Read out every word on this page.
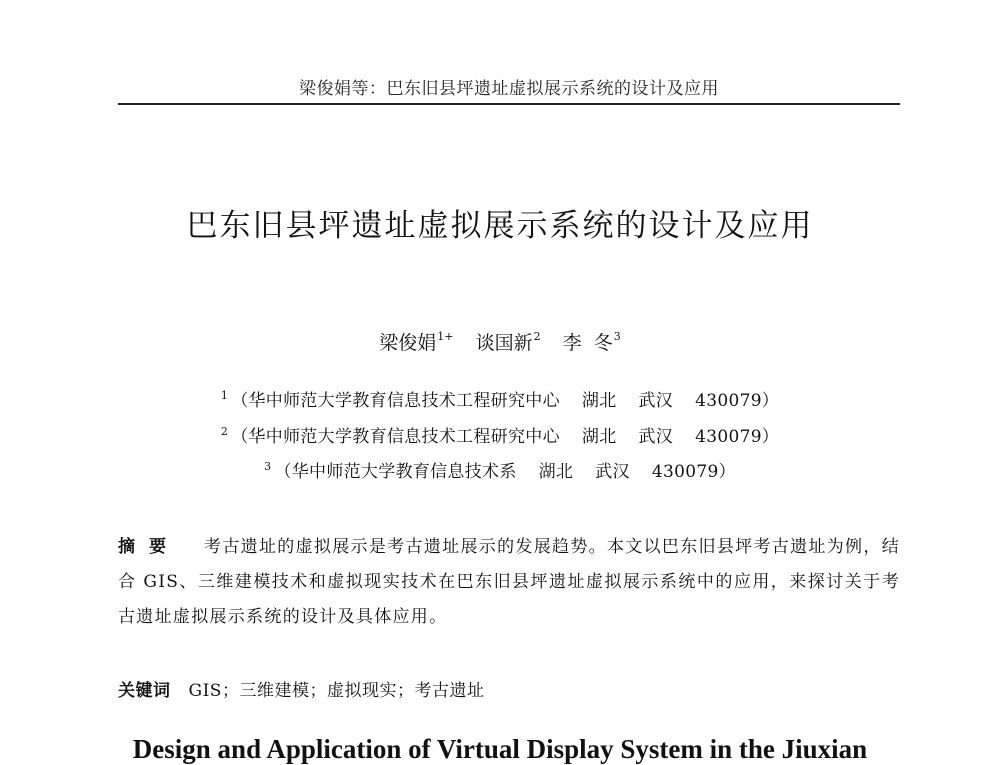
梁俊娟等：巴东旧县坪遗址虚拟展示系统的设计及应用
巴东旧县坪遗址虚拟展示系统的设计及应用
梁俊娟$^{1+}$ 谈国新$^2$ 李  冬$^3$
$^1$ （华中师范大学教育信息技术工程研究中心 湖北 武汉 430079）
$^2$ （华中师范大学教育信息技术工程研究中心 湖北 武汉 430079）
$^3$ （华中师范大学教育信息技术系 湖北 武汉 430079）
摘要 考古遗址的虚拟展示是考古遗址展示的发展趋势。本文以巴东旧县坪考古遗址为例，结合 GIS、三维建模技术和虚拟现实技术在巴东旧县坪遗址虚拟展示系统中的应用，来探讨关于考古遗址虚拟展示系统的设计及具体应用。
关键词 GIS；三维建模；虚拟现实；考古遗址
Design and Application of Virtual Display System in the Jiuxian
